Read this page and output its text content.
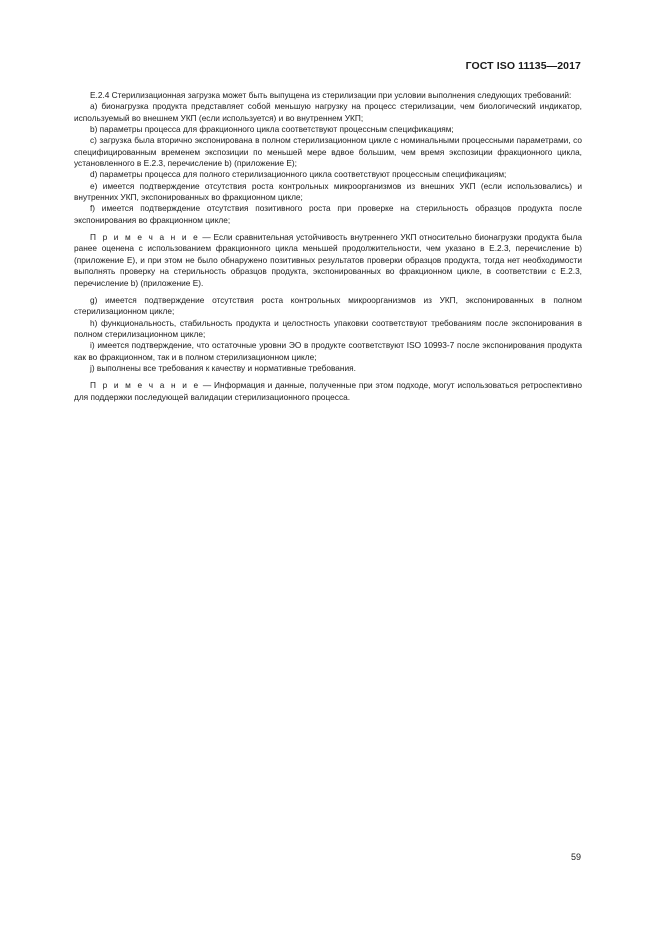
ГОСТ ISO 11135—2017

Е.2.4 Стерилизационная загрузка может быть выпущена из стерилизации при условии выполнения следующих требований:

a) бионагрузка продукта представляет собой меньшую нагрузку на процесс стерилизации, чем биологический индикатор, используемый во внешнем УКП (если используется) и во внутреннем УКП;

b) параметры процесса для фракционного цикла соответствуют процессным спецификациям;

c) загрузка была вторично экспонирована в полном стерилизационном цикле с номинальными процессными параметрами, со специфицированным временем экспозиции по меньшей мере вдвое большим, чем время экспозиции фракционного цикла, установленного в Е.2.3, перечисление b) (приложение Е);

d) параметры процесса для полного стерилизационного цикла соответствуют процессным спецификациям;

e) имеется подтверждение отсутствия роста контрольных микроорганизмов из внешних УКП (если использовались) и внутренних УКП, экспонированных во фракционном цикле;

f) имеется подтверждение отсутствия позитивного роста при проверке на стерильность образцов продукта после экспонирования во фракционном цикле;

П р и м е ч а н и е — Если сравнительная устойчивость внутреннего УКП относительно бионагрузки продукта была ранее оценена с использованием фракционного цикла меньшей продолжительности, чем указано в Е.2.3, перечисление b) (приложение Е), и при этом не было обнаружено позитивных результатов проверки образцов продукта, тогда нет необходимости выполнять проверку на стерильность образцов продукта, экспонированных во фракционном цикле, в соответствии с Е.2.3, перечисление b) (приложение Е).

g) имеется подтверждение отсутствия роста контрольных микроорганизмов из УКП, экспонированных в полном стерилизационном цикле;

h) функциональность, стабильность продукта и целостность упаковки соответствуют требованиям после экспонирования в полном стерилизационном цикле;

i) имеется подтверждение, что остаточные уровни ЭО в продукте соответствуют ISO 10993-7 после экспонирования продукта как во фракционном, так и в полном стерилизационном цикле;

j) выполнены все требования к качеству и нормативные требования.

П р и м е ч а н и е — Информация и данные, полученные при этом подходе, могут использоваться ретроспективно для поддержки последующей валидации стерилизационного процесса.

59
